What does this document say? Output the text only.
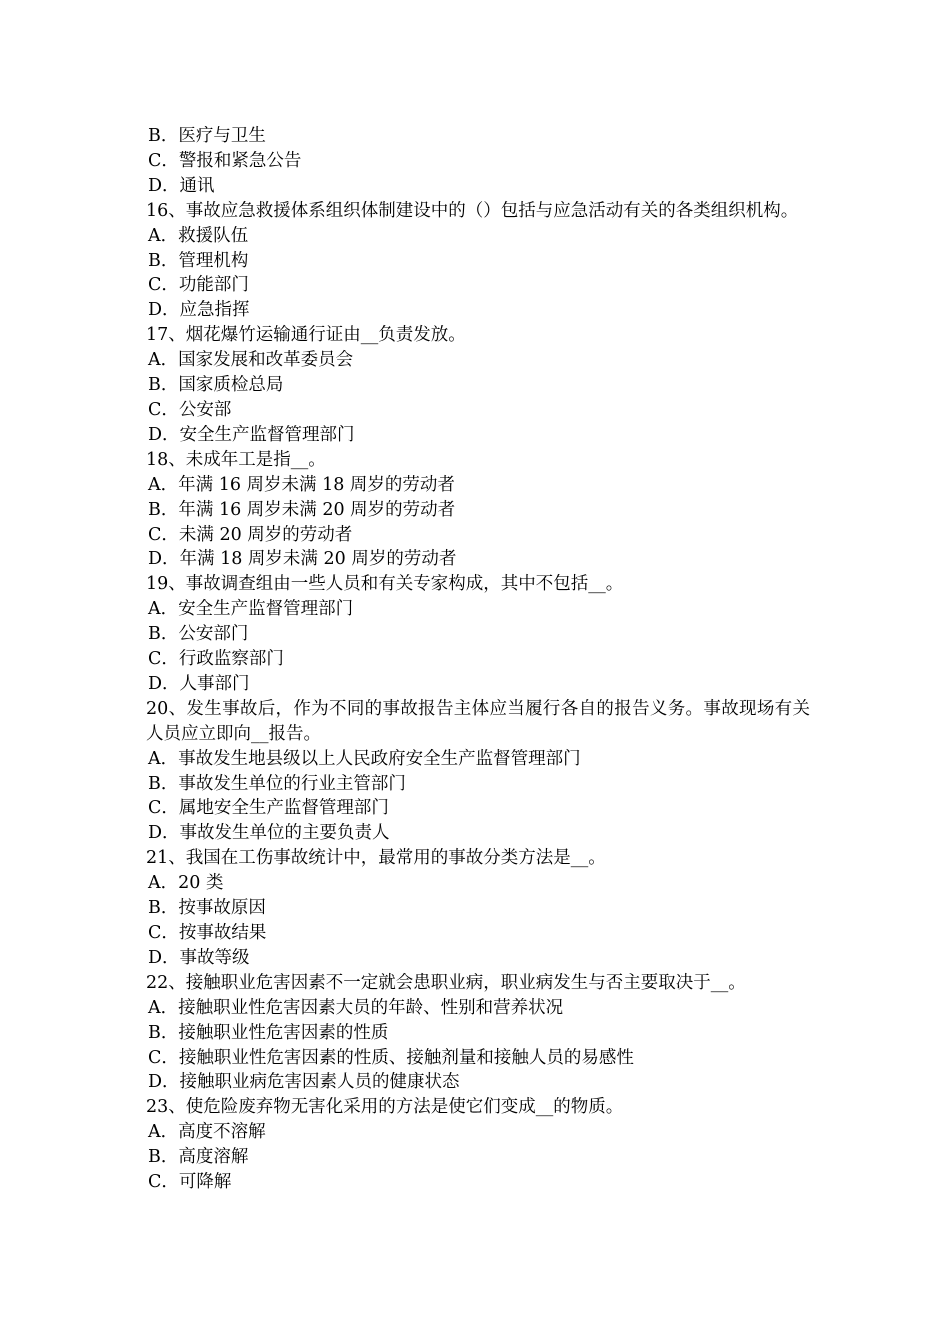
B．医疗与卫生

C．警报和紧急公告

D．通讯

16、事故应急救援体系组织体制建设中的（）包括与应急活动有关的各类组织机构。

A．救援队伍

B．管理机构

C．功能部门

D．应急指挥

17、烟花爆竹运输通行证由__负责发放。

A．国家发展和改革委员会

B．国家质检总局

C．公安部

D．安全生产监督管理部门

18、未成年工是指__。

A．年满 16 周岁未满 18 周岁的劳动者

B．年满 16 周岁未满 20 周岁的劳动者

C．未满 20 周岁的劳动者

D．年满 18 周岁未满 20 周岁的劳动者

19、事故调查组由一些人员和有关专家构成，其中不包括__。

A．安全生产监督管理部门

B．公安部门

C．行政监察部门

D．人事部门

20、发生事故后，作为不同的事故报告主体应当履行各自的报告义务。事故现场有关人员应立即向__报告。

A．事故发生地县级以上人民政府安全生产监督管理部门

B．事故发生单位的行业主管部门

C．属地安全生产监督管理部门

D．事故发生单位的主要负责人

21、我国在工伤事故统计中，最常用的事故分类方法是__。

A．20 类

B．按事故原因

C．按事故结果

D．事故等级

22、接触职业危害因素不一定就会患职业病，职业病发生与否主要取决于__。

A．接触职业性危害因素大员的年龄、性别和营养状况

B．接触职业性危害因素的性质

C．接触职业性危害因素的性质、接触剂量和接触人员的易感性

D．接触职业病危害因素人员的健康状态

23、使危险废弃物无害化采用的方法是使它们变成__的物质。

A．高度不溶解

B．高度溶解

C．可降解
